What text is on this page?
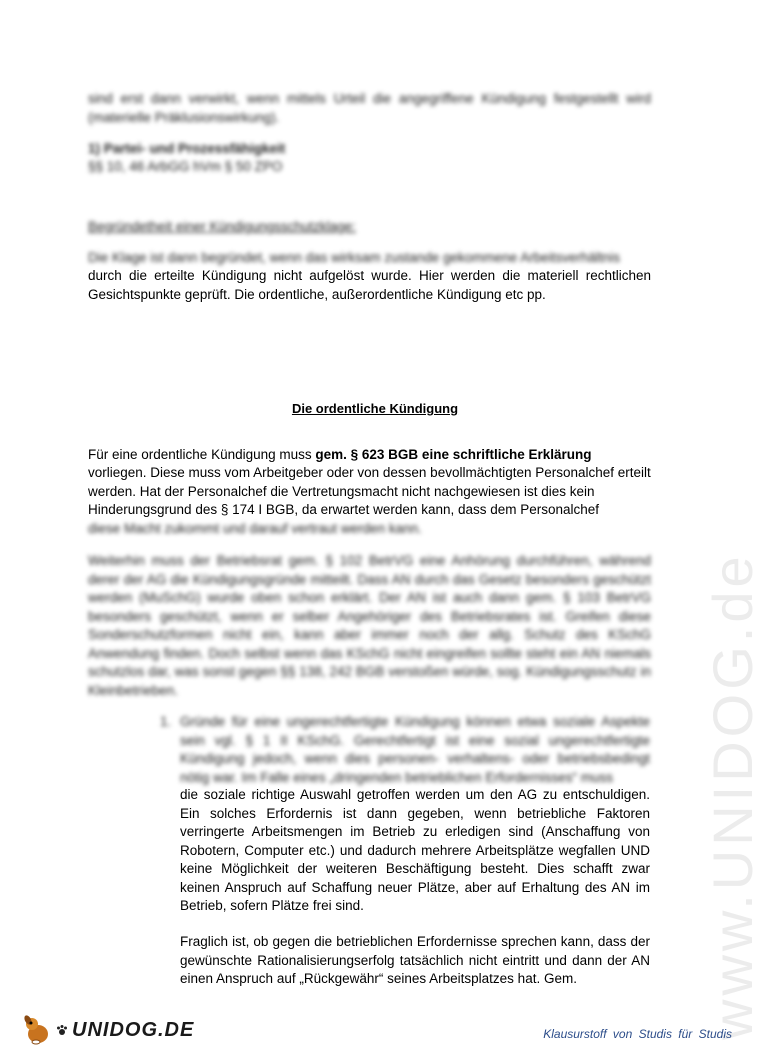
www.UNIDOG.de
sind erst dann verwirkt, wenn mittels Urteil die angegriffene Kündigung festgestellt wird (materielle Präklusionswirkung).
1) Partei- und Prozessfähigkeit
§§ 10, 46 ArbGG hVm § 50 ZPO
Begründetheit einer Kündigungsschutzklage:
Die Klage ist dann begründet, wenn das wirksam zustande gekommene Arbeitsverhältnis
durch die erteilte Kündigung nicht aufgelöst wurde. Hier werden die materiell rechtlichen
Gesichtspunkte geprüft. Die ordentliche, außerordentliche Kündigung etc pp.
Die ordentliche Kündigung
Für eine ordentliche Kündigung muss gem. § 623 BGB eine schriftliche Erklärung
vorliegen. Diese muss vom Arbeitgeber oder von dessen bevollmächtigten Personalchef erteilt werden. Hat der Personalchef die Vertretungsmacht nicht nachgewiesen ist dies kein Hinderungsgrund des § 174 I BGB, da erwartet werden kann, dass dem Personalchef
diese Macht zukommt und darauf vertraut werden kann.
Weiterhin muss der Betriebsrat gem. § 102 BetrVG eine Anhörung durchführen, während derer der AG die Kündigungsgründe mitteilt. Dass AN durch das Gesetz besonders geschützt werden (MuSchG) wurde oben schon erklärt. Der AN ist auch dann gem. § 103 BetrVG besonders geschützt, wenn er selber Angehöriger des Betriebsrates ist. Greifen diese Sonderschutzformen nicht ein, kann aber immer noch der allg. Schutz des KSchG Anwendung finden. Doch selbst wenn das KSchG nicht eingreifen sollte steht ein AN niemals schutzlos dar, was sonst gegen §§ 138, 242 BGB verstoßen würde, sog. Kündigungsschutz in Kleinbetrieben.
1. Gründe für eine ungerechtfertigte Kündigung können etwa soziale Aspekte sein vgl. § 1 II KSchG. Gerechtfertigt ist eine sozial ungerechtfertigte Kündigung jedoch, wenn dies personen- verhaltens- oder betriebsbedingt nötig war. Im Falle eines „dringenden betrieblichen Erfordernisses“ muss
die soziale richtige Auswahl getroffen werden um den AG zu entschuldigen. Ein solches Erfordernis ist dann gegeben, wenn betriebliche Faktoren verringerte Arbeitsmengen im Betrieb zu erledigen sind (Anschaffung von Robotern, Computer etc.) und dadurch mehrere Arbeitsplätze wegfallen UND keine Möglichkeit der weiteren Beschäftigung besteht. Dies schafft zwar keinen Anspruch auf Schaffung neuer Plätze, aber auf Erhaltung des AN im Betrieb, sofern Plätze frei sind.
Fraglich ist, ob gegen die betrieblichen Erfordernisse sprechen kann, dass der gewünschte Rationalisierungserfolg tatsächlich nicht eintritt und dann der AN einen Anspruch auf „Rückgewähr“ seines Arbeitsplatzes hat. Gem.
UNIDOG.DE	Klausurstoff von Studis für Studis
